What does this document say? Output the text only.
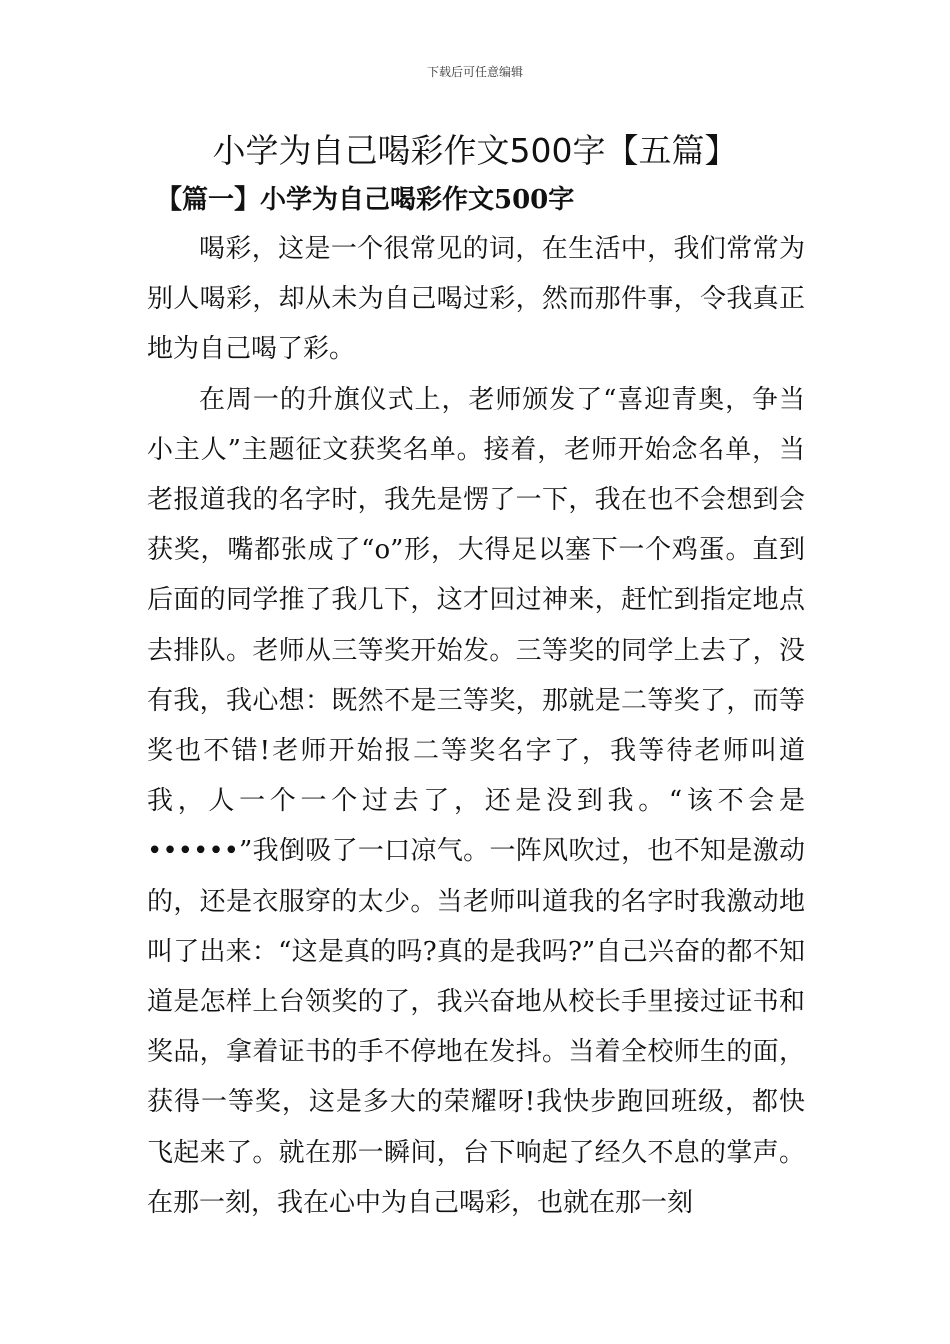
下载后可任意编辑
小学为自己喝彩作文500字【五篇】
【篇一】小学为自己喝彩作文500字

喝彩，这是一个很常见的词，在生活中，我们常常为别人喝彩，却从未为自己喝过彩，然而那件事，令我真正地为自己喝了彩。

在周一的升旗仪式上，老师颁发了“喜迎青奥，争当小主人”主题征文获奖名单。接着，老师开始念名单，当老报道我的名字时，我先是愣了一下，我在也不会想到会获奖，嘴都张成了“o”形，大得足以塞下一个鸡蛋。直到后面的同学推了我几下，这才回过神来，赶忙到指定地点去排队。老师从三等奖开始发。三等奖的同学上去了，没有我，我心想：既然不是三等奖，那就是二等奖了，而等奖也不错!老师开始报二等奖名字了，我等待老师叫道我，人一个一个过去了，还是没到我。“该不会是••••••”我倒吸了一口凉气。一阵风吹过，也不知是激动的，还是衣服穿的太少。当老师叫道我的名字时我激动地叫了出来：“这是真的吗?真的是我吗?”自己兴奋的都不知道是怎样上台领奖的了，我兴奋地从校长手里接过证书和奖品，拿着证书的手不停地在发抖。当着全校师生的面，获得一等奖，这是多大的荣耀呀!我快步跑回班级，都快飞起来了。就在那一瞬间，台下响起了经久不息的掌声。在那一刻，我在心中为自己喝彩，也就在那一刻
